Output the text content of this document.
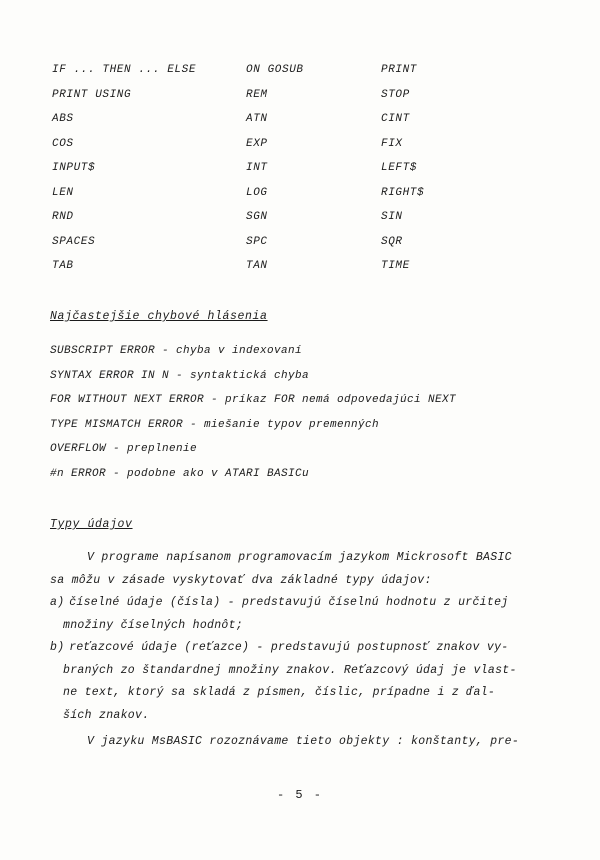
IF ... THEN ... ELSE	ON GOSUB	PRINT
PRINT USING	REM	STOP
ABS	ATN	CINT
COS	EXP	FIX
INPUT$	INT	LEFT$
LEN	LOG	RIGHT$
RND	SGN	SIN
SPACES	SPC	SQR
TAB	TAN	TIME
Najčastejšie chybové hlásenia
SUBSCRIPT ERROR - chyba v indexovaní
SYNTAX ERROR IN N - syntaktická chyba
FOR WITHOUT NEXT ERROR - príkaz FOR nemá odpovedajúci NEXT
TYPE MISMATCH ERROR - miešanie typov premenných
OVERFLOW - preplnenie
#n ERROR - podobne ako v ATARI BASICu
Typy údajov
V programe napísanom programovacím jazykom Mickrosoft BASIC
sa môžu v zásade vyskytovať dva základné typy údajov:
a) číselné údaje (čísla) - predstavujú číselnú hodnotu z určitej
množiny číselných hodnôt;
b) reťazcové údaje (reťazce) - predstavujú postupnosť znakov vy-
braných zo štandardnej množiny znakov. Reťazcový údaj je vlast-
ne text, ktorý sa skladá z písmen, číslic, prípadne i z ďal-
ších znakov.
V jazyku MsBASIC rozoznávame tieto objekty : konštanty, pre-
- 5 -
